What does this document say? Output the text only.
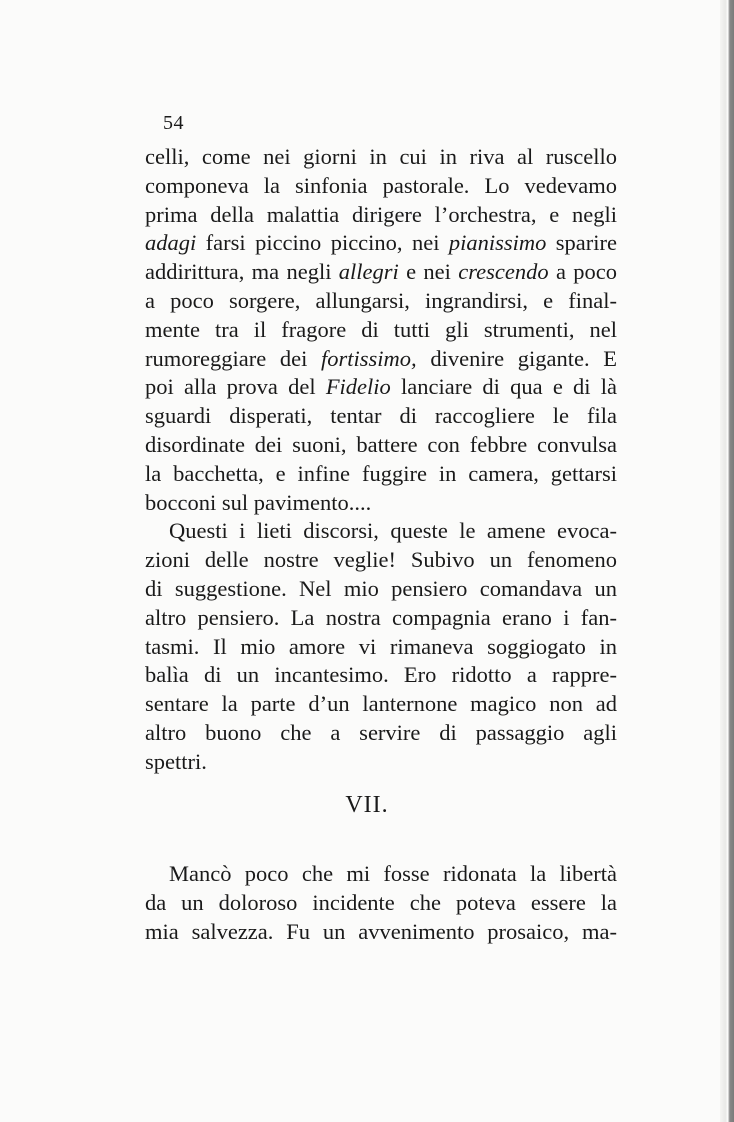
54
celli, come nei giorni in cui in riva al ruscello
componeva la sinfonia pastorale. Lo vedevamo
prima della malattia dirigere l’orchestra, e negli
adagi farsi piccino piccino, nei pianissimo sparire
addirittura, ma negli allegri e nei crescendo a poco
a poco sorgere, allungarsi, ingrandirsi, e final-
mente tra il fragore di tutti gli strumenti, nel
rumoreggiare dei fortissimo, divenire gigante. E
poi alla prova del Fidelio lanciare di qua e di là
sguardi disperati, tentar di raccogliere le fila
disordinate dei suoni, battere con febbre convulsa
la bacchetta, e infine fuggire in camera, gettarsi
bocconi sul pavimento....
Questi i lieti discorsi, queste le amene evoca-
zioni delle nostre veglie! Subivo un fenomeno
di suggestione. Nel mio pensiero comandava un
altro pensiero. La nostra compagnia erano i fan-
tasmi. Il mio amore vi rimaneva soggiogato in
balìa di un incantesimo. Ero ridotto a rappre-
sentare la parte d’un lanternone magico non ad
altro buono che a servire di passaggio agli
spettri.
VII.
Mancò poco che mi fosse ridonata la libertà
da un doloroso incidente che poteva essere la
mia salvezza. Fu un avvenimento prosaico, ma-
